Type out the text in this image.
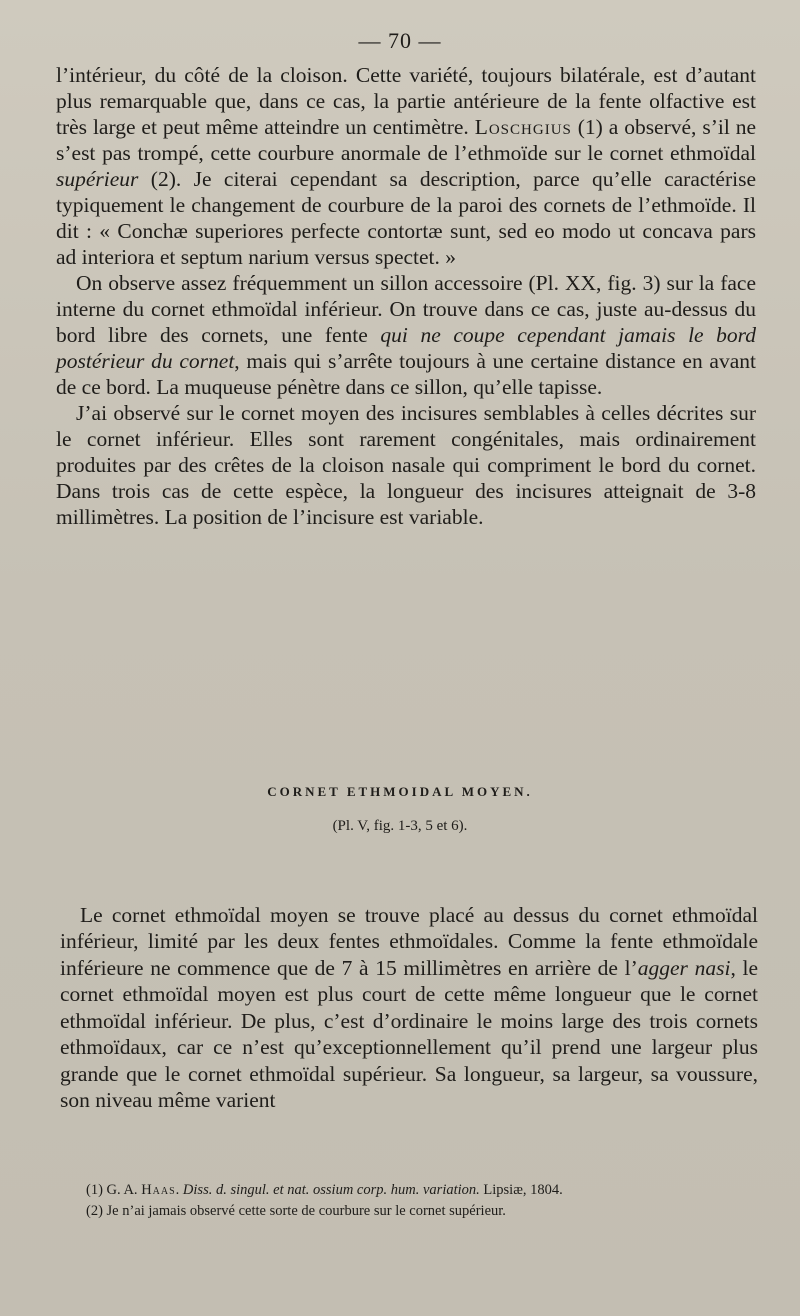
— 70 —

l’intérieur, du côté de la cloison. Cette variété, toujours bilatérale, est d’autant plus remarquable que, dans ce cas, la partie antérieure de la fente olfactive est très large et peut même atteindre un centimètre. Loschgius (1) a observé, s’il ne s’est pas trompé, cette courbure anormale de l’ethmoïde sur le cornet ethmoïdal supérieur (2). Je citerai cependant sa description, parce qu’elle caractérise typiquement le changement de courbure de la paroi des cornets de l’ethmoïde. Il dit : « Conchæ superiores perfecte contortæ sunt, sed eo modo ut concava pars ad interiora et septum narium versus spectet. »

On observe assez fréquemment un sillon accessoire (Pl. XX, fig. 3) sur la face interne du cornet ethmoïdal inférieur. On trouve dans ce cas, juste au-dessus du bord libre des cornets, une fente qui ne coupe cependant jamais le bord postérieur du cornet, mais qui s’arrête toujours à une certaine distance en avant de ce bord. La muqueuse pénètre dans ce sillon, qu’elle tapisse.

J’ai observé sur le cornet moyen des incisures semblables à celles décrites sur le cornet inférieur. Elles sont rarement congénitales, mais ordinairement produites par des crêtes de la cloison nasale qui compriment le bord du cornet. Dans trois cas de cette espèce, la longueur des incisures atteignait de 3-8 millimètres. La position de l’incisure est variable.

CORNET ETHMOIDAL MOYEN.
(Pl. V, fig. 1-3, 5 et 6).

Le cornet ethmoïdal moyen se trouve placé au dessus du cornet ethmoïdal inférieur, limité par les deux fentes ethmoïdales. Comme la fente ethmoïdale inférieure ne commence que de 7 à 15 millimètres en arrière de l’agger nasi, le cornet ethmoïdal moyen est plus court de cette même longueur que le cornet ethmoïdal inférieur. De plus, c’est d’ordinaire le moins large des trois cornets ethmoïdaux, car ce n’est qu’exceptionnellement qu’il prend une largeur plus grande que le cornet ethmoïdal supérieur. Sa longueur, sa largeur, sa voussure, son niveau même varient

(1) G. A. Haas. Diss. d. singul. et nat. ossium corp. hum. variation. Lipsiæ, 1804.

(2) Je n’ai jamais observé cette sorte de courbure sur le cornet supérieur.
